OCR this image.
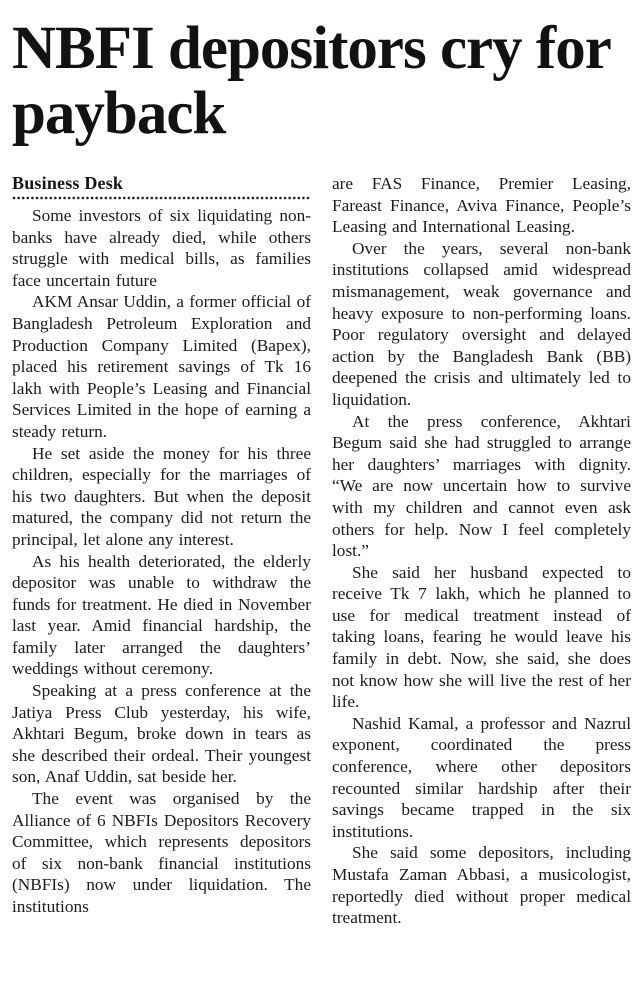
NBFI depositors cry for payback
Business Desk

Some investors of six liquidating non-banks have already died, while others struggle with medical bills, as families face uncertain future

AKM Ansar Uddin, a former official of Bangladesh Petroleum Exploration and Production Company Limited (Bapex), placed his retirement savings of Tk 16 lakh with People’s Leasing and Financial Services Limited in the hope of earning a steady return.

He set aside the money for his three children, especially for the marriages of his two daughters. But when the deposit matured, the company did not return the principal, let alone any interest.

As his health deteriorated, the elderly depositor was unable to withdraw the funds for treatment. He died in November last year. Amid financial hardship, the family later arranged the daughters’ weddings without ceremony.

Speaking at a press conference at the Jatiya Press Club yesterday, his wife, Akhtari Begum, broke down in tears as she described their ordeal. Their youngest son, Anaf Uddin, sat beside her.

The event was organised by the Alliance of 6 NBFIs Depositors Recovery Committee, which represents depositors of six non-bank financial institutions (NBFIs) now under liquidation. The institutions

are FAS Finance, Premier Leasing, Fareast Finance, Aviva Finance, People’s Leasing and International Leasing.

Over the years, several non-bank institutions collapsed amid widespread mismanagement, weak governance and heavy exposure to non-performing loans. Poor regulatory oversight and delayed action by the Bangladesh Bank (BB) deepened the crisis and ultimately led to liquidation.

At the press conference, Akhtari Begum said she had struggled to arrange her daughters’ marriages with dignity. “We are now uncertain how to survive with my children and cannot even ask others for help. Now I feel completely lost.”

She said her husband expected to receive Tk 7 lakh, which he planned to use for medical treatment instead of taking loans, fearing he would leave his family in debt. Now, she said, she does not know how she will live the rest of her life.

Nashid Kamal, a professor and Nazrul exponent, coordinated the press conference, where other depositors recounted similar hardship after their savings became trapped in the six institutions.

She said some depositors, including Mustafa Zaman Abbasi, a musicologist, reportedly died without proper medical treatment.
